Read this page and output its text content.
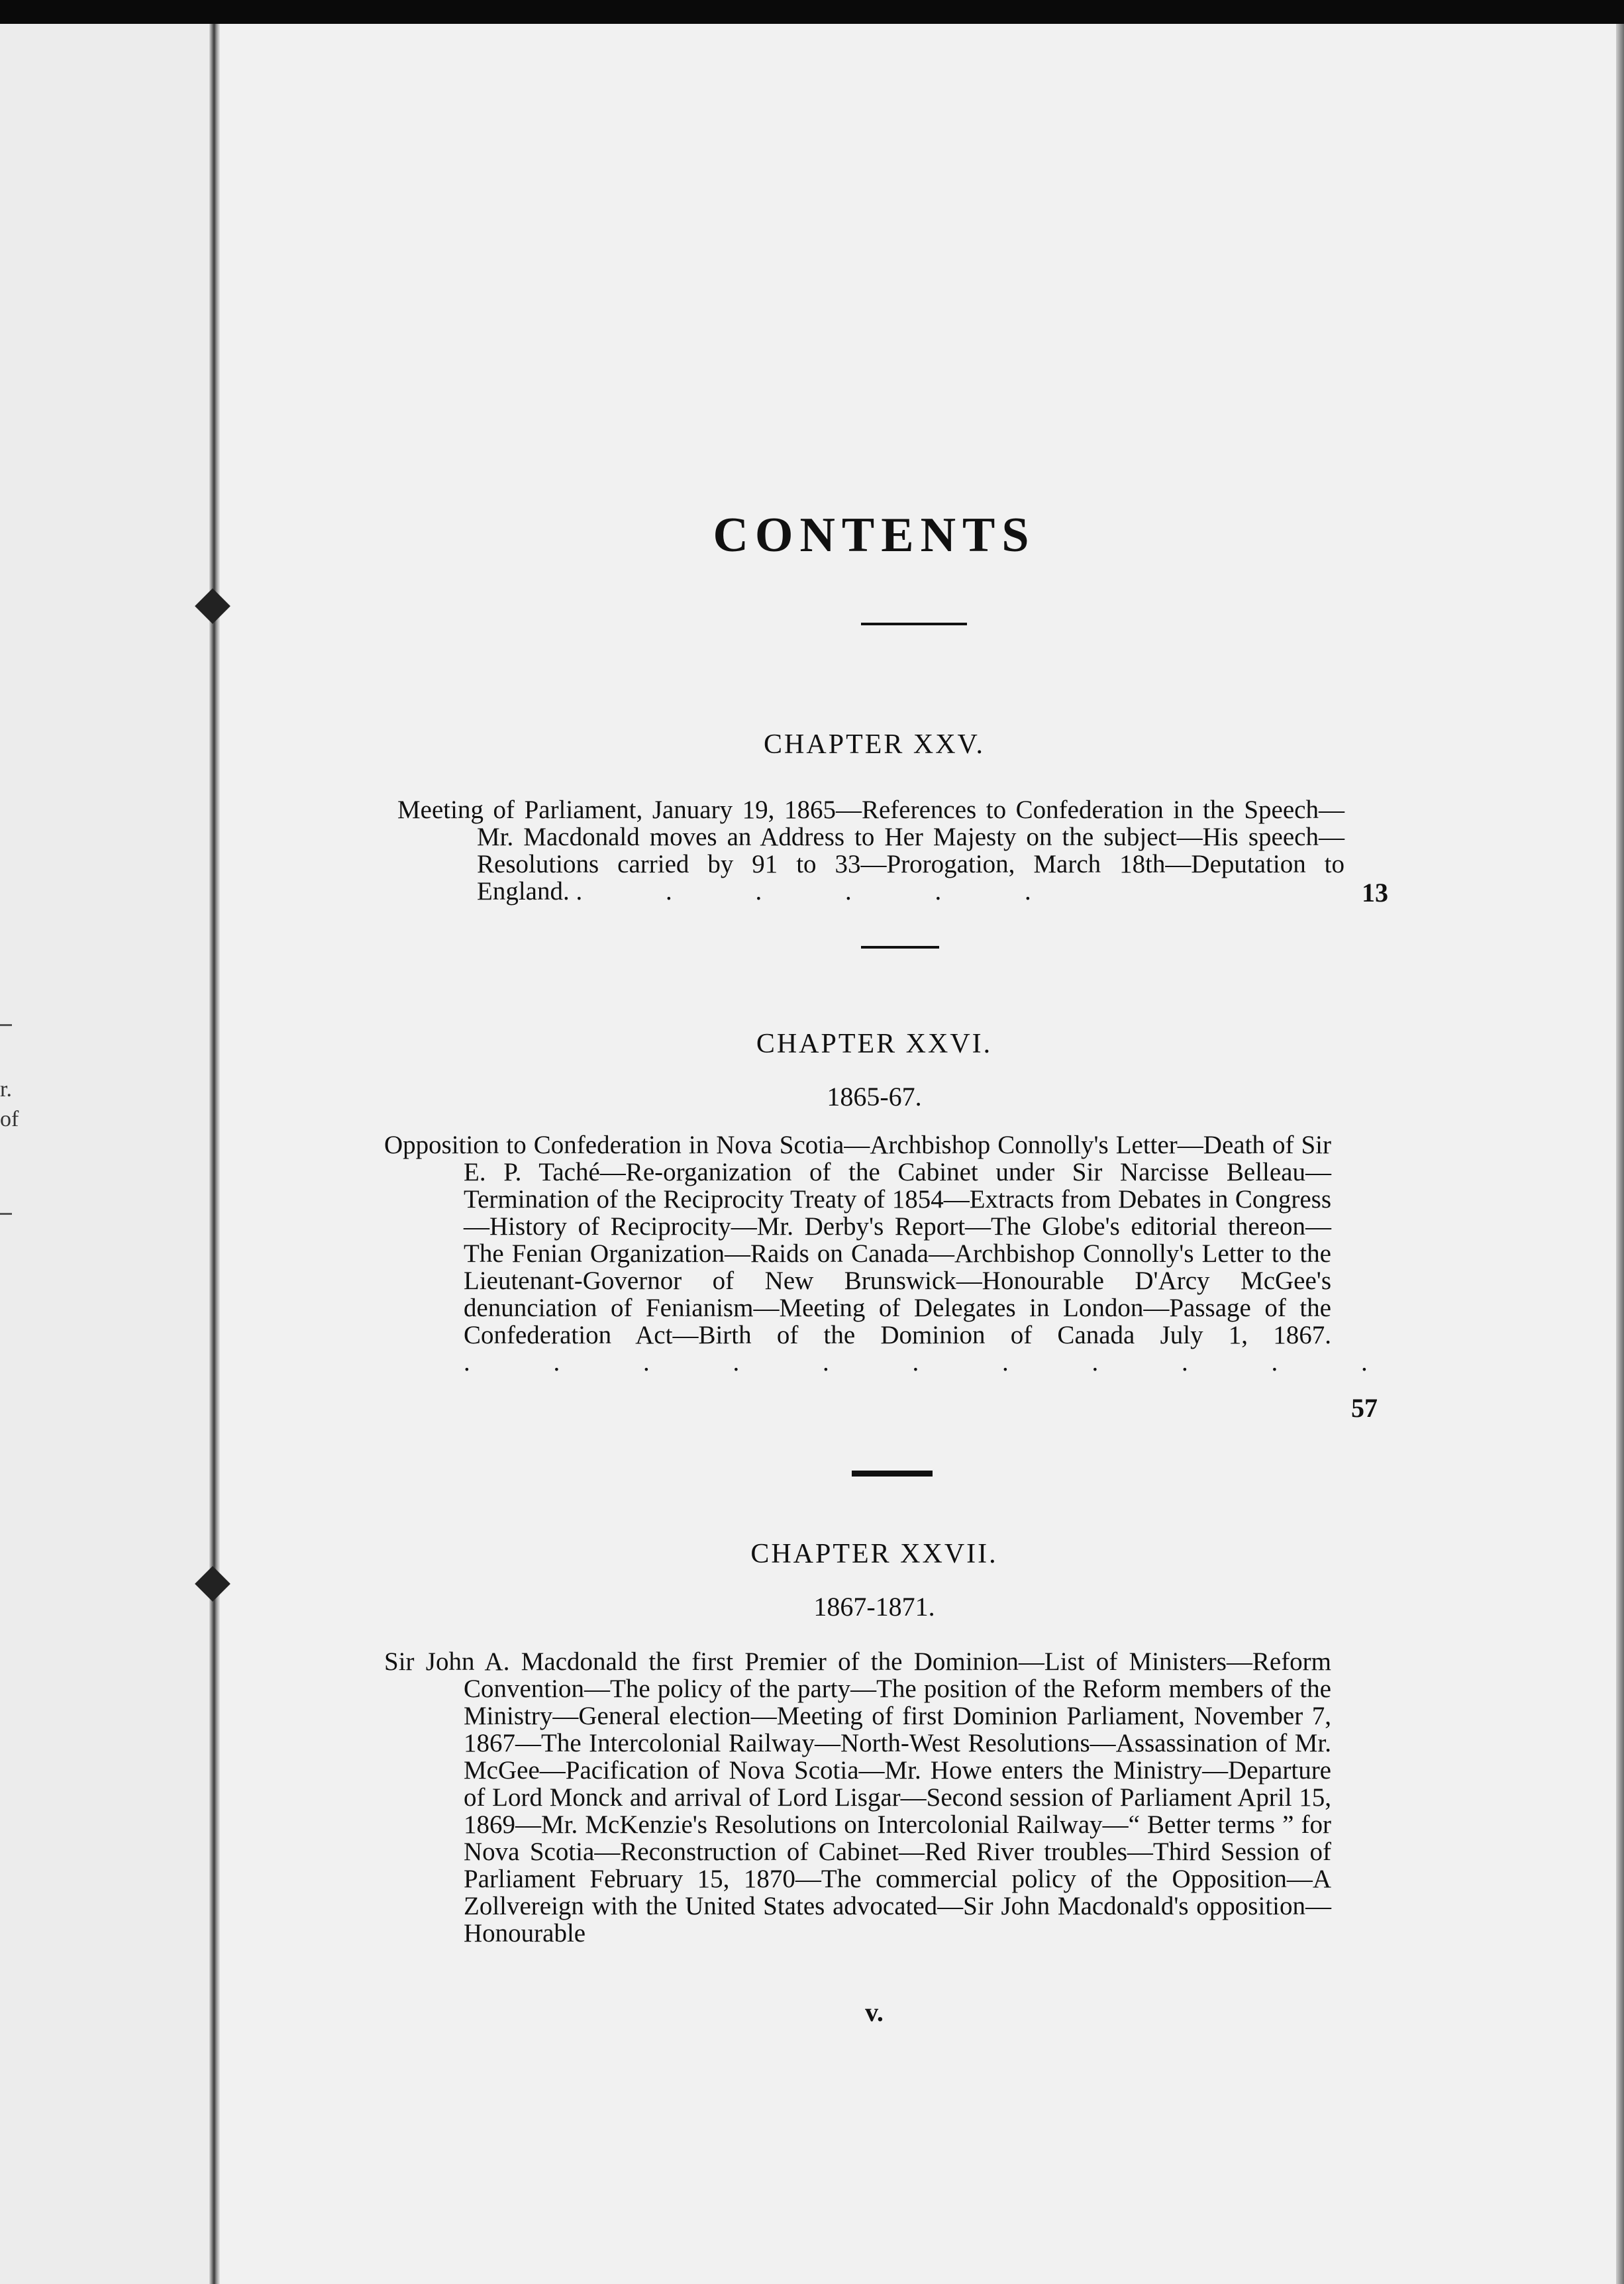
r.
of
CONTENTS
CHAPTER XXV.
Meeting of Parliament, January 19, 1865—References to Confederation in the Speech—Mr. Macdonald moves an Address to Her Majesty on the subject—His speech—Resolutions carried by 91 to 33—Prorogation, March 18th—Deputation to England. . . . . . .	13
CHAPTER XXVI.
1865-67.
Opposition to Confederation in Nova Scotia—Archbishop Connolly's Letter—Death of Sir E. P. Taché—Re-organization of the Cabinet under Sir Narcisse Belleau—Termination of the Reciprocity Treaty of 1854—Extracts from Debates in Congress—History of Reciprocity—Mr. Derby's Report—The Globe's editorial thereon—The Fenian Organization—Raids on Canada—Archbishop Connolly's Letter to the Lieutenant-Governor of New Brunswick—Honourable D'Arcy McGee's denunciation of Fenianism—Meeting of Delegates in London—Passage of the Confederation Act—Birth of the Dominion of Canada July 1, 1867. . . . . . . . . . . .
57
CHAPTER XXVII.
1867-1871.
Sir John A. Macdonald the first Premier of the Dominion—List of Ministers—Reform Convention—The policy of the party—The position of the Reform members of the Ministry—General election—Meeting of first Dominion Parliament, November 7, 1867—The Intercolonial Railway—North-West Resolutions—Assassination of Mr. McGee—Pacification of Nova Scotia—Mr. Howe enters the Ministry—Departure of Lord Monck and arrival of Lord Lisgar—Second session of Parliament April 15, 1869—Mr. McKenzie's Resolutions on Intercolonial Railway—“ Better terms ” for Nova Scotia—Reconstruction of Cabinet—Red River troubles—Third Session of Parliament February 15, 1870—The commercial policy of the Opposition—A Zollvereign with the United States advocated—Sir John Macdonald's opposition—Honourable
v.
